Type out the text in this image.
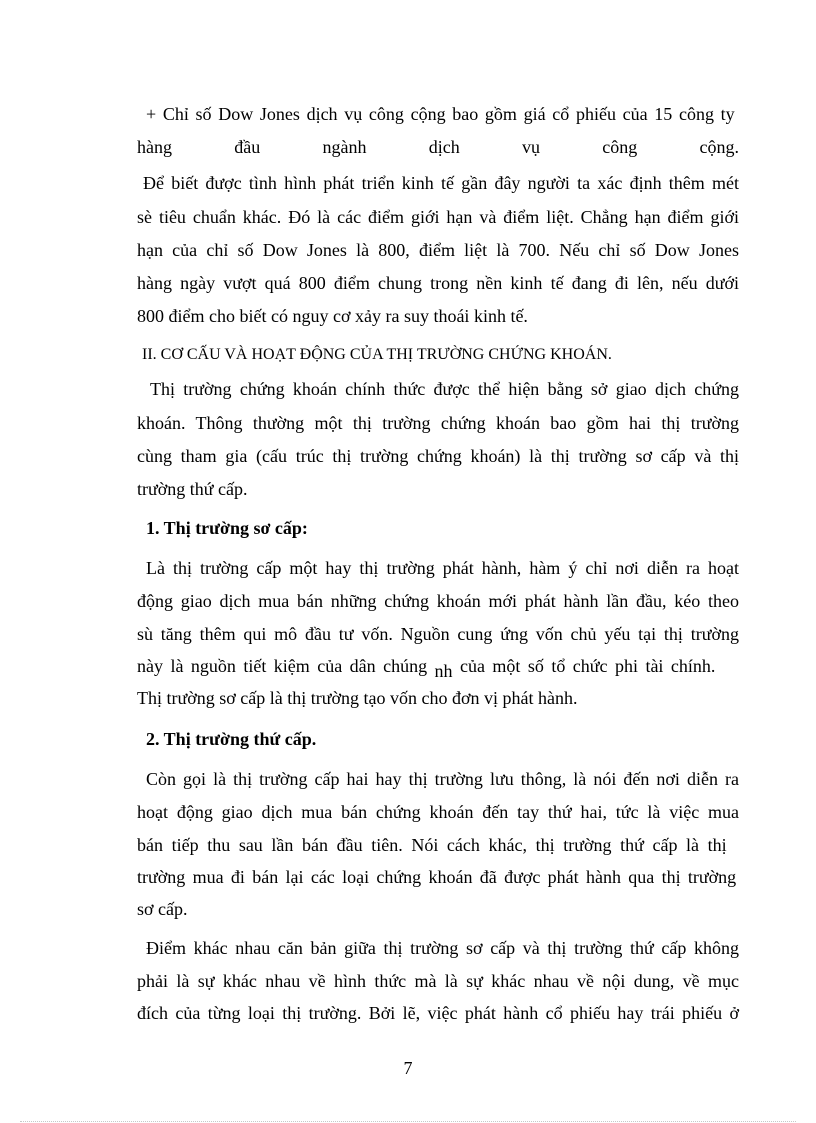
+ Chỉ số Dow Jones dịch vụ công cộng bao gồm giá cổ phiếu của 15 công ty
hàng	đầu	ngành	dịch	vụ	công	cộng.
Để biết được tình hình phát triển kinh tế gần đây người ta xác định thêm mét
sè tiêu chuẩn khác. Đó là các điểm giới hạn và điểm liệt. Chẳng hạn điểm giới
hạn của chỉ số Dow Jones là 800, điểm liệt là 700. Nếu chỉ số Dow Jones
hàng ngày vượt quá 800 điểm chung trong nền kinh tế đang đi lên, nếu dưới
800 điểm cho biết có nguy cơ xảy ra suy thoái kinh tế.
II. CƠ CẤU VÀ HOẠT ĐỘNG CỦA THỊ TRƯỜNG CHỨNG KHOÁN.
Thị trường chứng khoán chính thức được thể hiện bằng sở giao dịch chứng
khoán. Thông thường một thị trường chứng khoán bao gồm hai thị trường
cùng tham gia (cấu trúc thị trường chứng khoán) là thị trường sơ cấp và thị
trường thứ cấp.
1. Thị trường sơ cấp:
Là thị trường cấp một hay thị trường phát hành, hàm ý chỉ nơi diễn ra hoạt
động giao dịch mua bán những chứng khoán mới phát hành lần đầu, kéo theo
sù tăng thêm qui mô đầu tư vốn. Nguồn cung ứng vốn chủ yếu tại thị trường
này là nguồn tiết kiệm của dân chúng nh của một số tổ chức phi tài chính.
Thị trường sơ cấp là thị trường tạo vốn cho đơn vị phát hành.
2. Thị trường thứ cấp.
Còn gọi là thị trường cấp hai hay thị trường lưu thông, là nói đến nơi diễn ra
hoạt động giao dịch mua bán chứng khoán đến tay thứ hai, tức là việc mua
bán tiếp thu sau lần bán đầu tiên. Nói cách khác, thị trường thứ cấp là thị
trường mua đi bán lại các loại chứng khoán đã được phát hành qua thị trường
sơ cấp.
Điểm khác nhau căn bản giữa thị trường sơ cấp và thị trường thứ cấp không
phải là sự khác nhau về hình thức mà là sự khác nhau về nội dung, về mục
đích của từng loại thị trường. Bởi lẽ, việc phát hành cổ phiếu hay trái phiếu ở
7
